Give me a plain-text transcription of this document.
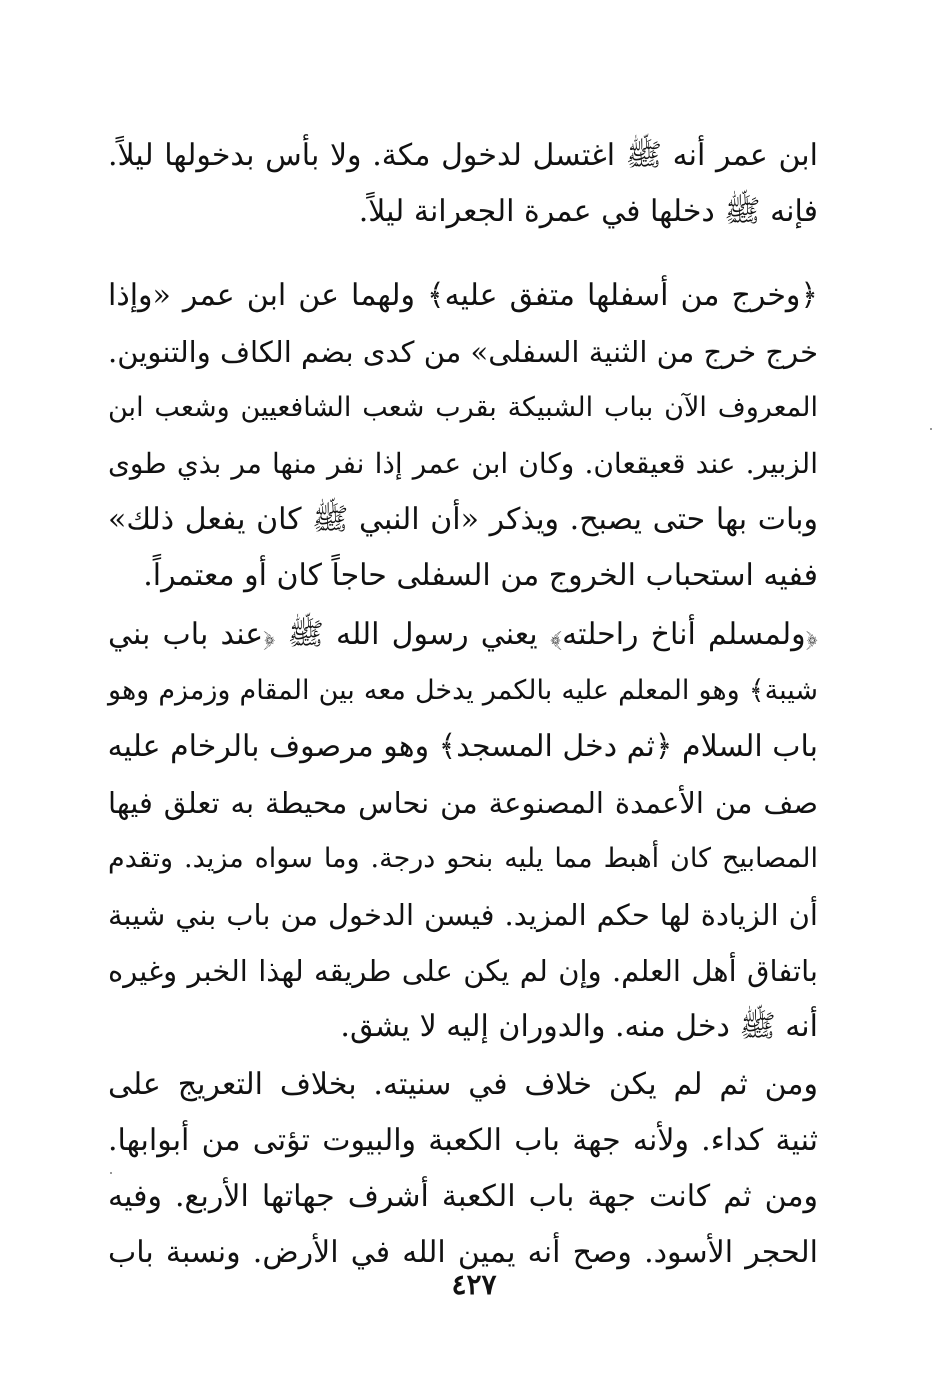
ابن عمر أنه ﷺ اغتسل لدخول مكة. ولا بأس بدخولها ليلاً.
فإنه ﷺ دخلها في عمرة الجعرانة ليلاً.
﴿وخرج من أسفلها متفق عليه﴾ ولهما عن ابن عمر «وإذا
خرج خرج من الثنية السفلى» من كدى بضم الكاف والتنوين.
المعروف الآن بباب الشبيكة بقرب شعب الشافعيين وشعب ابن
الزبير. عند قعيقعان. وكان ابن عمر إذا نفر منها مر بذي طوى
وبات بها حتى يصبح. ويذكر «أن النبي ﷺ كان يفعل ذلك»
ففيه استحباب الخروج من السفلى حاجاً كان أو معتمراً.
﴿ولمسلم أناخ راحلته﴾ يعني رسول الله ﷺ ﴿عند باب بني
شيبة﴾ وهو المعلم عليه بالكمر يدخل معه بين المقام وزمزم وهو
باب السلام ﴿ثم دخل المسجد﴾ وهو مرصوف بالرخام عليه
صف من الأعمدة المصنوعة من نحاس محيطة به تعلق فيها
المصابيح كان أهبط مما يليه بنحو درجة. وما سواه مزيد. وتقدم
أن الزيادة لها حكم المزيد. فيسن الدخول من باب بني شيبة
باتفاق أهل العلم. وإن لم يكن على طريقه لهذا الخبر وغيره
أنه ﷺ دخل منه. والدوران إليه لا يشق.
ومن ثم لم يكن خلاف في سنيته. بخلاف التعريج على
ثنية كداء. ولأنه جهة باب الكعبة والبيوت تؤتى من أبوابها.
ومن ثم كانت جهة باب الكعبة أشرف جهاتها الأربع. وفيه
الحجر الأسود. وصح أنه يمين الله في الأرض. ونسبة باب
٤٢٧
